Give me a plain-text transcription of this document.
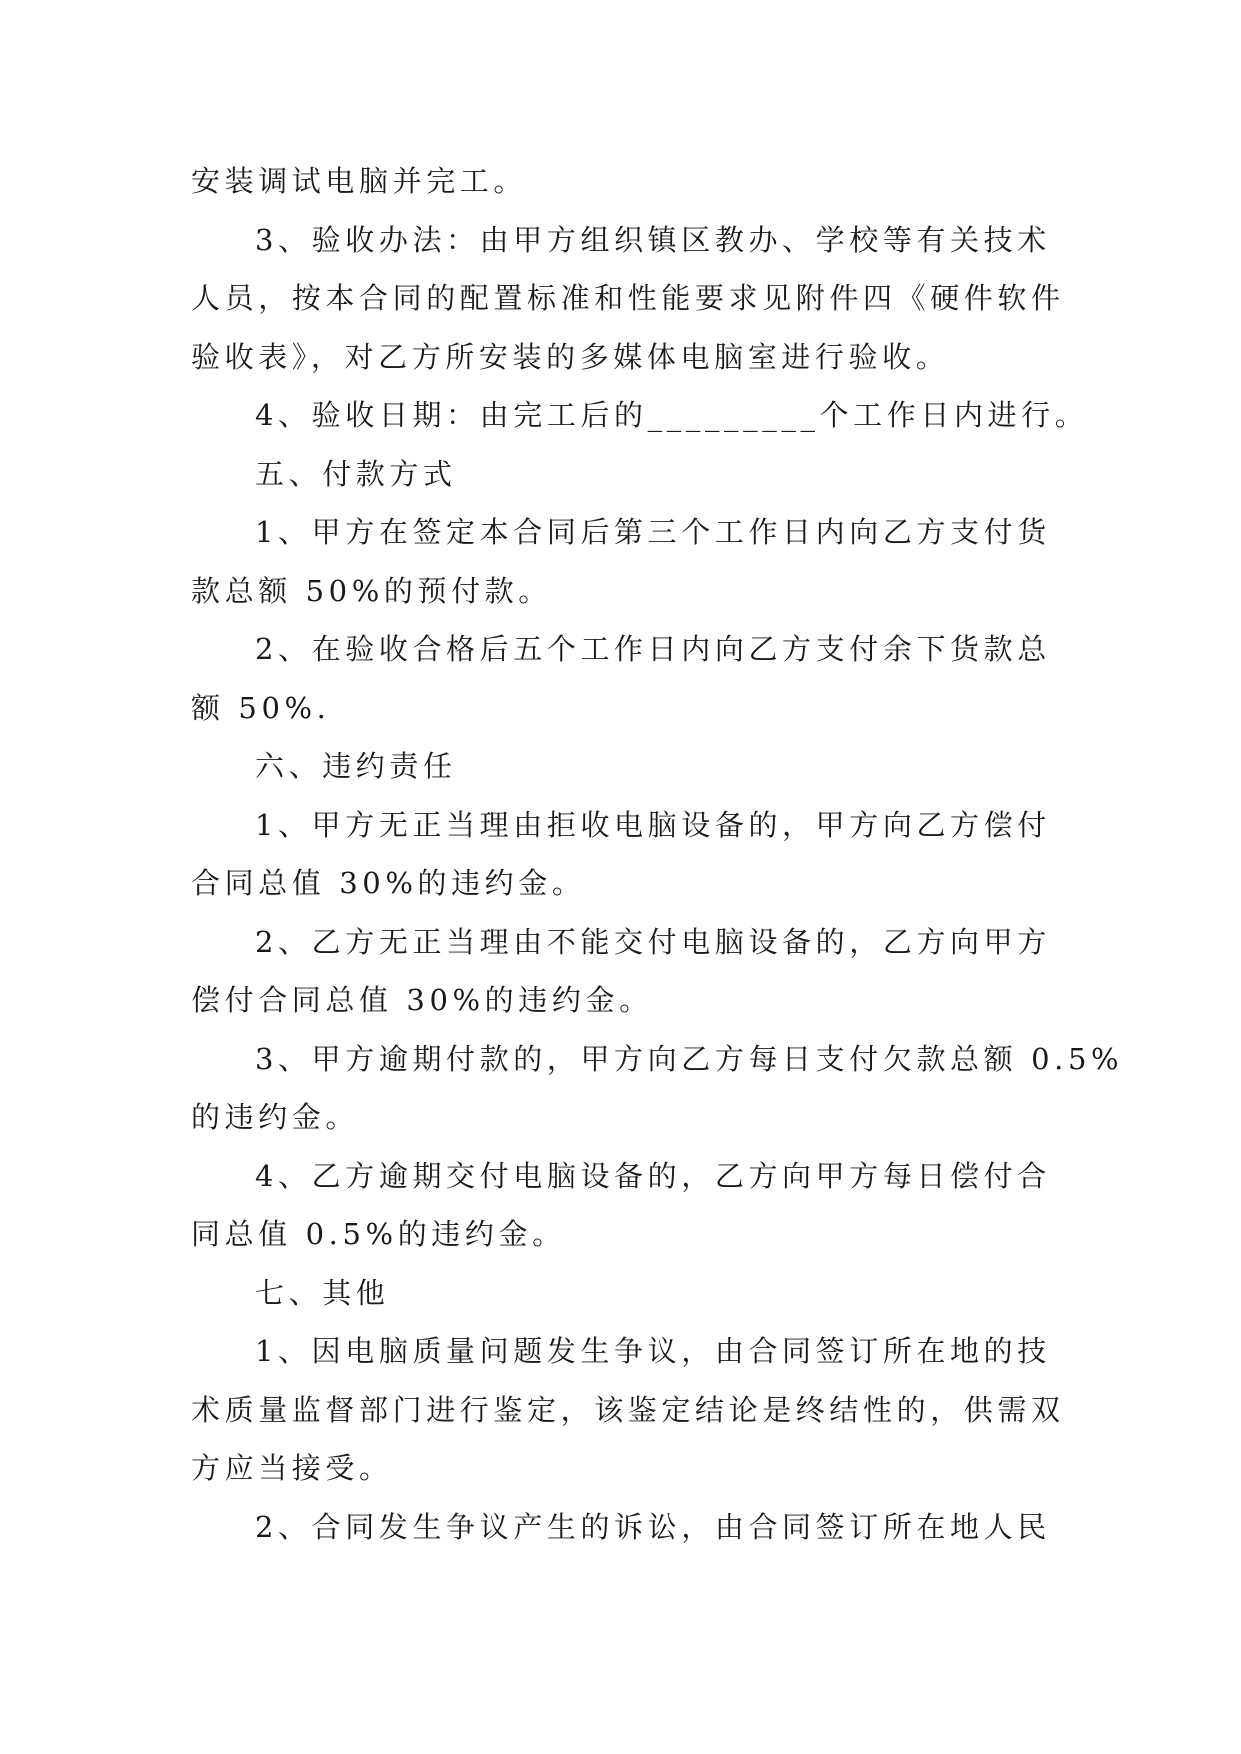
安装调试电脑并完工。
3、验收办法：由甲方组织镇区教办、学校等有关技术
人员，按本合同的配置标准和性能要求见附件四《硬件软件
验收表》，对乙方所安装的多媒体电脑室进行验收。
4、验收日期：由完工后的_________个工作日内进行。
五、付款方式
1、甲方在签定本合同后第三个工作日内向乙方支付货
款总额 50%的预付款。
2、在验收合格后五个工作日内向乙方支付余下货款总
额 50%.
六、违约责任
1、甲方无正当理由拒收电脑设备的，甲方向乙方偿付
合同总值 30%的违约金。
2、乙方无正当理由不能交付电脑设备的，乙方向甲方
偿付合同总值 30%的违约金。
3、甲方逾期付款的，甲方向乙方每日支付欠款总额 0.5%
的违约金。
4、乙方逾期交付电脑设备的，乙方向甲方每日偿付合
同总值 0.5%的违约金。
七、其他
1、因电脑质量问题发生争议，由合同签订所在地的技
术质量监督部门进行鉴定，该鉴定结论是终结性的，供需双
方应当接受。
2、合同发生争议产生的诉讼，由合同签订所在地人民
